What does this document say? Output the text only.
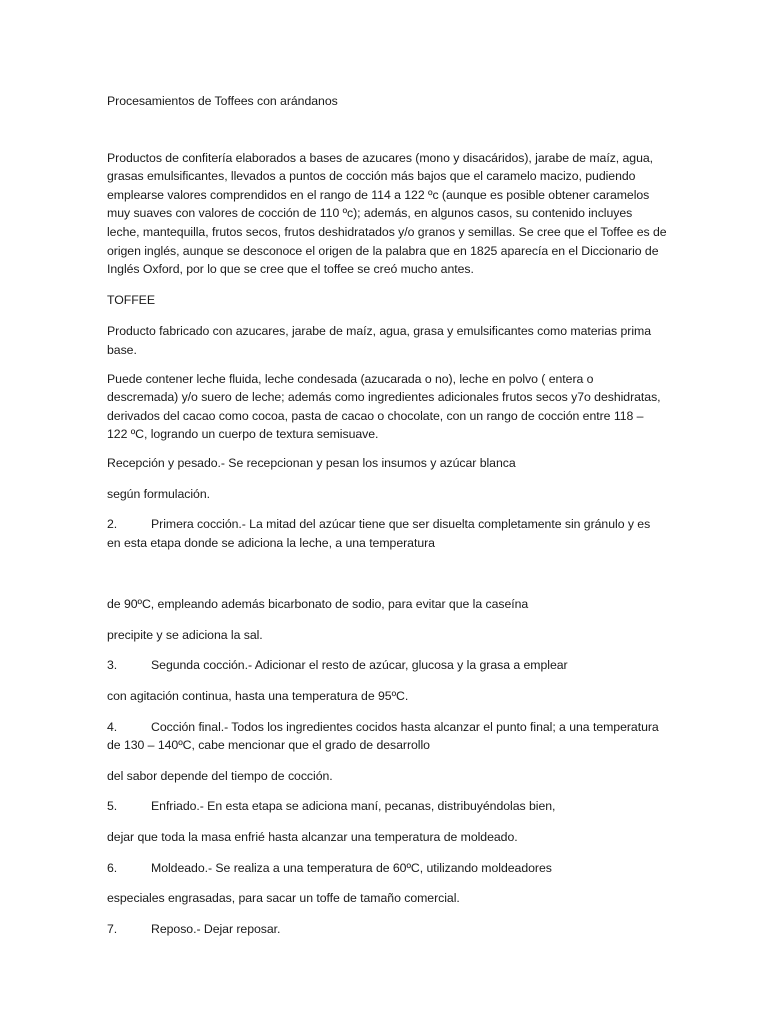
Procesamientos de Toffees con arándanos

Productos de confitería elaborados a bases de azucares (mono y disacáridos), jarabe de maíz, agua, grasas emulsificantes, llevados a puntos de cocción más bajos que el caramelo macizo, pudiendo emplearse valores comprendidos en el rango de 114 a 122 ºc (aunque es posible obtener caramelos muy suaves con valores de cocción de 110 ºc); además, en algunos casos, su contenido incluyes leche, mantequilla, frutos secos, frutos deshidratados y/o granos y semillas. Se cree que el Toffee es de origen inglés, aunque se desconoce el origen de la palabra que en 1825 aparecía en el Diccionario de Inglés Oxford, por lo que se cree que el toffee se creó mucho antes.

TOFFEE

Producto fabricado con azucares, jarabe de maíz, agua, grasa y emulsificantes como materias prima base.

Puede contener leche fluida, leche condesada (azucarada o no), leche en polvo ( entera o descremada) y/o suero de leche; además como ingredientes adicionales frutos secos y7o deshidratas, derivados del cacao como cocoa, pasta de cacao o chocolate, con un rango de cocción entre 118 – 122 ºC, logrando un cuerpo de textura semisuave.

Recepción y pesado.- Se recepcionan y pesan los insumos y azúcar blanca

según formulación.

2.	Primera cocción.- La mitad del azúcar tiene que ser disuelta completamente sin gránulo y es en esta etapa donde se adiciona la leche, a una temperatura

de 90ºC, empleando además bicarbonato de sodio, para evitar que la caseína

precipite y se adiciona la sal.

3.	Segunda cocción.- Adicionar el resto de azúcar, glucosa y la grasa a emplear

con agitación continua, hasta una temperatura de 95ºC.

4.	Cocción final.- Todos los ingredientes cocidos hasta alcanzar el punto final; a una temperatura de 130 – 140ºC, cabe mencionar que el grado de desarrollo

del sabor depende del tiempo de cocción.

5.	Enfriado.- En esta etapa se adiciona maní, pecanas, distribuyéndolas bien,

dejar que toda la masa enfrié hasta alcanzar una temperatura de moldeado.

6.	Moldeado.- Se realiza a una temperatura de 60ºC, utilizando moldeadores

especiales engrasadas, para sacar un toffe de tamaño comercial.

7.	Reposo.- Dejar reposar.
